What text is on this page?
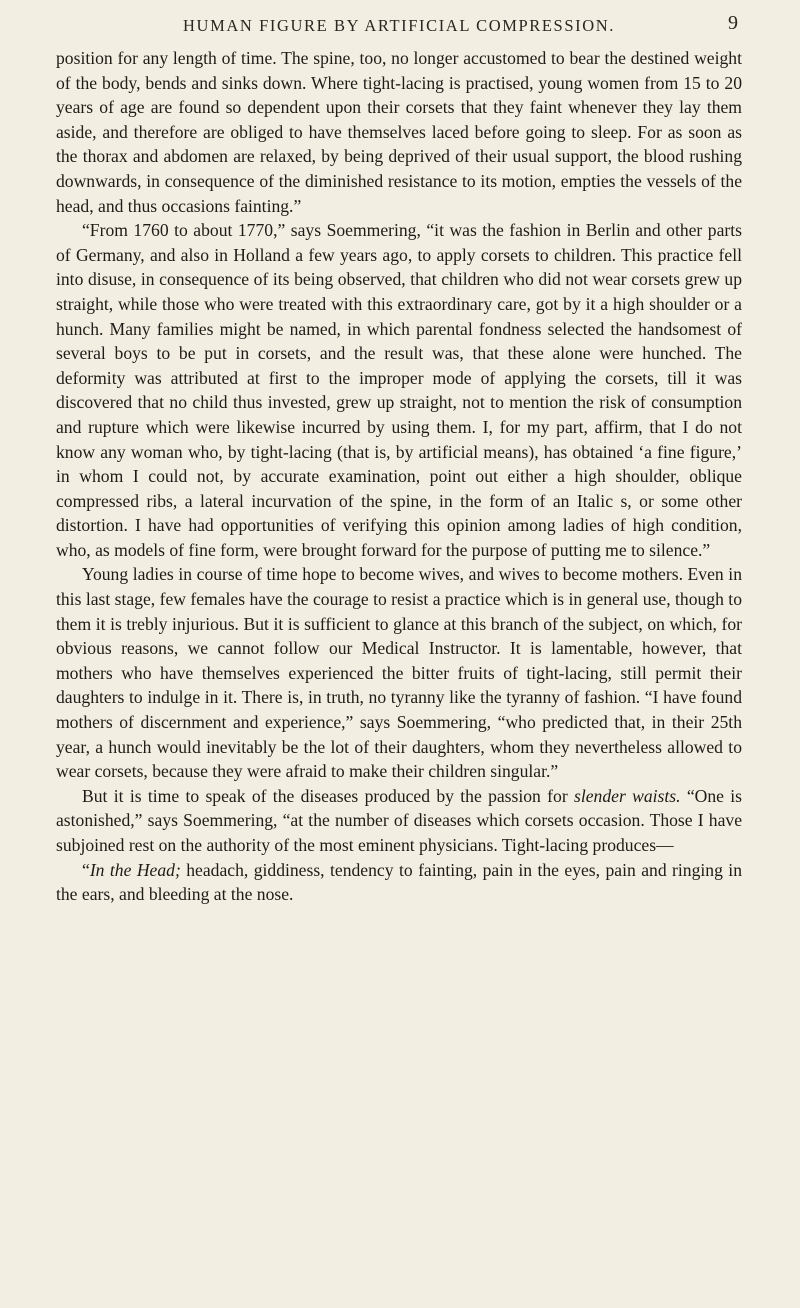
HUMAN FIGURE BY ARTIFICIAL COMPRESSION.	9

position for any length of time. The spine, too, no longer accustomed to bear the destined weight of the body, bends and sinks down. Where tight-lacing is practised, young women from 15 to 20 years of age are found so dependent upon their corsets that they faint whenever they lay them aside, and therefore are obliged to have themselves laced before going to sleep. For as soon as the thorax and abdomen are relaxed, by being deprived of their usual support, the blood rushing downwards, in consequence of the diminished resistance to its motion, empties the vessels of the head, and thus occasions fainting.”

“From 1760 to about 1770,” says Soemmering, “it was the fashion in Berlin and other parts of Germany, and also in Holland a few years ago, to apply corsets to children. This practice fell into disuse, in consequence of its being observed, that children who did not wear corsets grew up straight, while those who were treated with this extraordinary care, got by it a high shoulder or a hunch. Many families might be named, in which parental fondness selected the handsomest of several boys to be put in corsets, and the result was, that these alone were hunched. The deformity was attributed at first to the improper mode of applying the corsets, till it was discovered that no child thus invested, grew up straight, not to mention the risk of consumption and rupture which were likewise incurred by using them. I, for my part, affirm, that I do not know any woman who, by tight-lacing (that is, by artificial means), has obtained ‘a fine figure,’ in whom I could not, by accurate examination, point out either a high shoulder, oblique compressed ribs, a lateral incurvation of the spine, in the form of an Italic s, or some other distortion. I have had opportunities of verifying this opinion among ladies of high condition, who, as models of fine form, were brought forward for the purpose of putting me to silence.”

Young ladies in course of time hope to become wives, and wives to become mothers. Even in this last stage, few females have the courage to resist a practice which is in general use, though to them it is trebly injurious. But it is sufficient to glance at this branch of the subject, on which, for obvious reasons, we cannot follow our Medical Instructor. It is lamentable, however, that mothers who have themselves experienced the bitter fruits of tight-lacing, still permit their daughters to indulge in it. There is, in truth, no tyranny like the tyranny of fashion. “I have found mothers of discernment and experience,” says Soemmering, “who predicted that, in their 25th year, a hunch would inevitably be the lot of their daughters, whom they nevertheless allowed to wear corsets, because they were afraid to make their children singular.”

But it is time to speak of the diseases produced by the passion for slender waists. “One is astonished,” says Soemmering, “at the number of diseases which corsets occasion. Those I have subjoined rest on the authority of the most eminent physicians. Tight-lacing produces—

“In the Head; headach, giddiness, tendency to fainting, pain in the eyes, pain and ringing in the ears, and bleeding at the nose.
